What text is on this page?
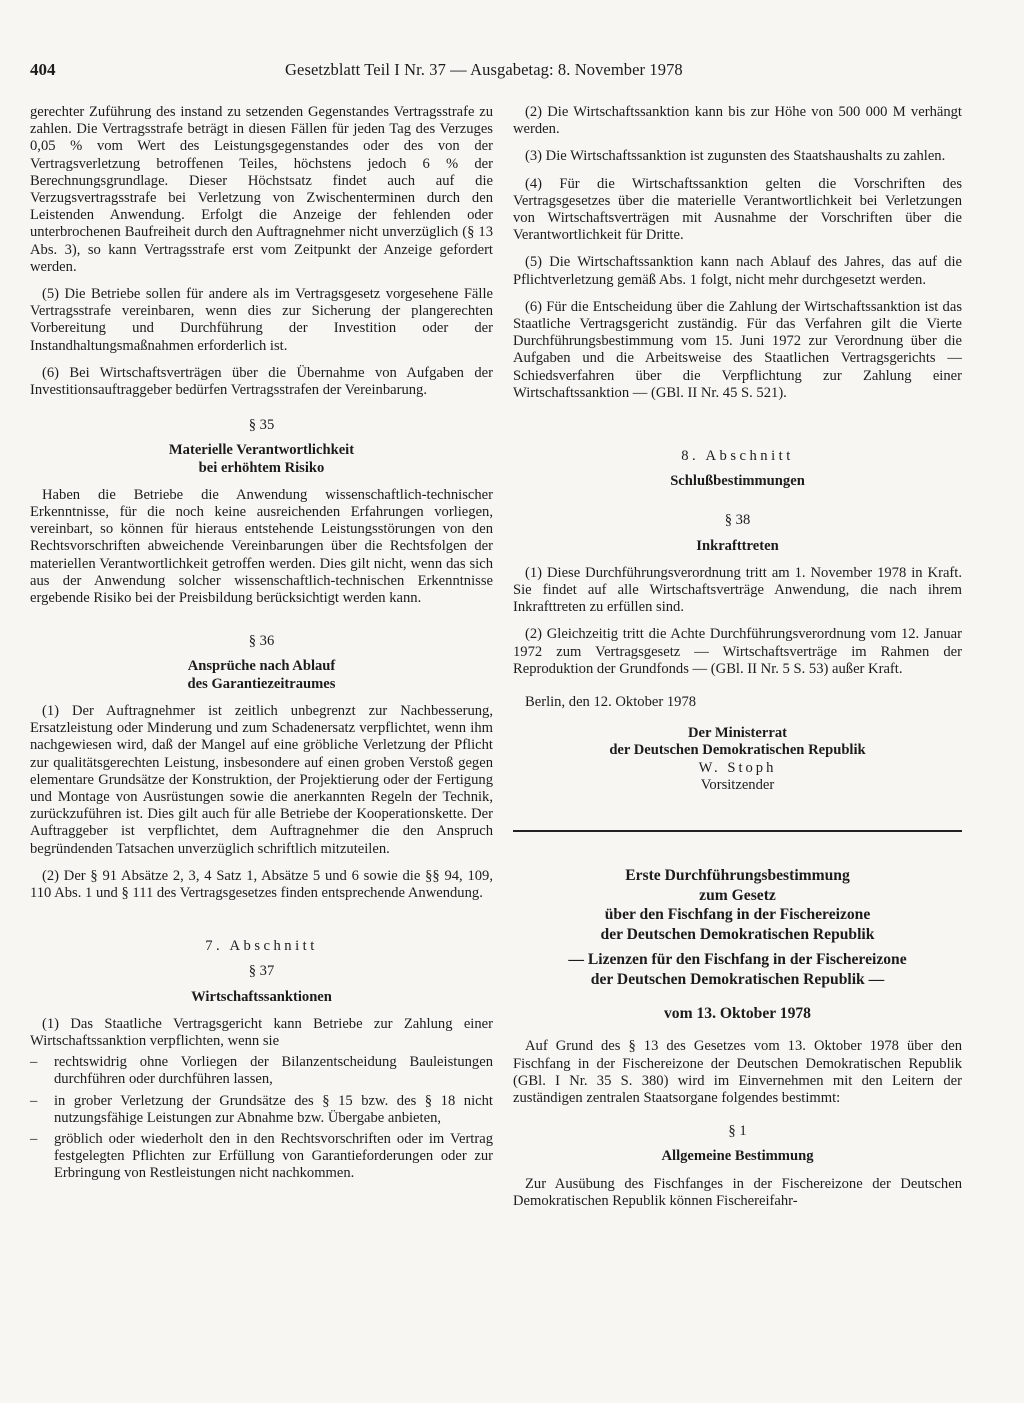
404	Gesetzblatt Teil I Nr. 37 — Ausgabetag: 8. November 1978

gerechter Zuführung des instand zu setzenden Gegenstandes Vertragsstrafe zu zahlen. Die Vertragsstrafe beträgt in diesen Fällen für jeden Tag des Verzuges 0,05 % vom Wert des Leistungsgegenstandes oder des von der Vertragsverletzung betroffenen Teiles, höchstens jedoch 6 % der Berechnungsgrundlage. Dieser Höchstsatz findet auch auf die Verzugsvertragsstrafe bei Verletzung von Zwischenterminen durch den Leistenden Anwendung. Erfolgt die Anzeige der fehlenden oder unterbrochenen Baufreiheit durch den Auftragnehmer nicht unverzüglich (§ 13 Abs. 3), so kann Vertragsstrafe erst vom Zeitpunkt der Anzeige gefordert werden.

(5) Die Betriebe sollen für andere als im Vertragsgesetz vorgesehene Fälle Vertragsstrafe vereinbaren, wenn dies zur Sicherung der plangerechten Vorbereitung und Durchführung der Investition oder der Instandhaltungsmaßnahmen erforderlich ist.

(6) Bei Wirtschaftsverträgen über die Übernahme von Aufgaben der Investitionsauftraggeber bedürfen Vertragsstrafen der Vereinbarung.

§ 35
Materielle Verantwortlichkeit
bei erhöhtem Risiko

Haben die Betriebe die Anwendung wissenschaftlich-technischer Erkenntnisse, für die noch keine ausreichenden Erfahrungen vorliegen, vereinbart, so können für hieraus entstehende Leistungsstörungen von den Rechtsvorschriften abweichende Vereinbarungen über die Rechtsfolgen der materiellen Verantwortlichkeit getroffen werden. Dies gilt nicht, wenn das sich aus der Anwendung solcher wissenschaftlich-technischen Erkenntnisse ergebende Risiko bei der Preisbildung berücksichtigt werden kann.

§ 36
Ansprüche nach Ablauf
des Garantiezeitraumes

(1) Der Auftragnehmer ist zeitlich unbegrenzt zur Nachbesserung, Ersatzleistung oder Minderung und zum Schadenersatz verpflichtet, wenn ihm nachgewiesen wird, daß der Mangel auf eine gröbliche Verletzung der Pflicht zur qualitätsgerechten Leistung, insbesondere auf einen groben Verstoß gegen elementare Grundsätze der Konstruktion, der Projektierung oder der Fertigung und Montage von Ausrüstungen sowie die anerkannten Regeln der Technik, zurückzuführen ist. Dies gilt auch für alle Betriebe der Kooperationskette. Der Auftraggeber ist verpflichtet, dem Auftragnehmer die den Anspruch begründenden Tatsachen unverzüglich schriftlich mitzuteilen.

(2) Der § 91 Absätze 2, 3, 4 Satz 1, Absätze 5 und 6 sowie die §§ 94, 109, 110 Abs. 1 und § 111 des Vertragsgesetzes finden entsprechende Anwendung.

7. Abschnitt
§ 37
Wirtschaftssanktionen

(1) Das Staatliche Vertragsgericht kann Betriebe zur Zahlung einer Wirtschaftssanktion verpflichten, wenn sie

– rechtswidrig ohne Vorliegen der Bilanzentscheidung Bauleistungen durchführen oder durchführen lassen,
– in grober Verletzung der Grundsätze des § 15 bzw. des § 18 nicht nutzungsfähige Leistungen zur Abnahme bzw. Übergabe anbieten,
– gröblich oder wiederholt den in den Rechtsvorschriften oder im Vertrag festgelegten Pflichten zur Erfüllung von Garantieforderungen oder zur Erbringung von Restleistungen nicht nachkommen.

(2) Die Wirtschaftssanktion kann bis zur Höhe von 500 000 M verhängt werden.

(3) Die Wirtschaftssanktion ist zugunsten des Staatshaushalts zu zahlen.

(4) Für die Wirtschaftssanktion gelten die Vorschriften des Vertragsgesetzes über die materielle Verantwortlichkeit bei Verletzungen von Wirtschaftsverträgen mit Ausnahme der Vorschriften über die Verantwortlichkeit für Dritte.

(5) Die Wirtschaftssanktion kann nach Ablauf des Jahres, das auf die Pflichtverletzung gemäß Abs. 1 folgt, nicht mehr durchgesetzt werden.

(6) Für die Entscheidung über die Zahlung der Wirtschaftssanktion ist das Staatliche Vertragsgericht zuständig. Für das Verfahren gilt die Vierte Durchführungsbestimmung vom 15. Juni 1972 zur Verordnung über die Aufgaben und die Arbeitsweise des Staatlichen Vertragsgerichts — Schiedsverfahren über die Verpflichtung zur Zahlung einer Wirtschaftssanktion — (GBl. II Nr. 45 S. 521).

8. Abschnitt
Schlußbestimmungen
§ 38
Inkrafttreten

(1) Diese Durchführungsverordnung tritt am 1. November 1978 in Kraft. Sie findet auf alle Wirtschaftsverträge Anwendung, die nach ihrem Inkrafttreten zu erfüllen sind.

(2) Gleichzeitig tritt die Achte Durchführungsverordnung vom 12. Januar 1972 zum Vertragsgesetz — Wirtschaftsverträge im Rahmen der Reproduktion der Grundfonds — (GBl. II Nr. 5 S. 53) außer Kraft.

Berlin, den 12. Oktober 1978

Der Ministerrat

der Deutschen Demokratischen Republik

W. Stoph

Vorsitzender

Erste Durchführungsbestimmung
zum Gesetz
über den Fischfang in der Fischereizone
der Deutschen Demokratischen Republik
— Lizenzen für den Fischfang in der Fischereizone
der Deutschen Demokratischen Republik —
vom 13. Oktober 1978

Auf Grund des § 13 des Gesetzes vom 13. Oktober 1978 über den Fischfang in der Fischereizone der Deutschen Demokratischen Republik (GBl. I Nr. 35 S. 380) wird im Einvernehmen mit den Leitern der zuständigen zentralen Staatsorgane folgendes bestimmt:

§ 1
Allgemeine Bestimmung

Zur Ausübung des Fischfanges in der Fischereizone der Deutschen Demokratischen Republik können Fischereifahr-
